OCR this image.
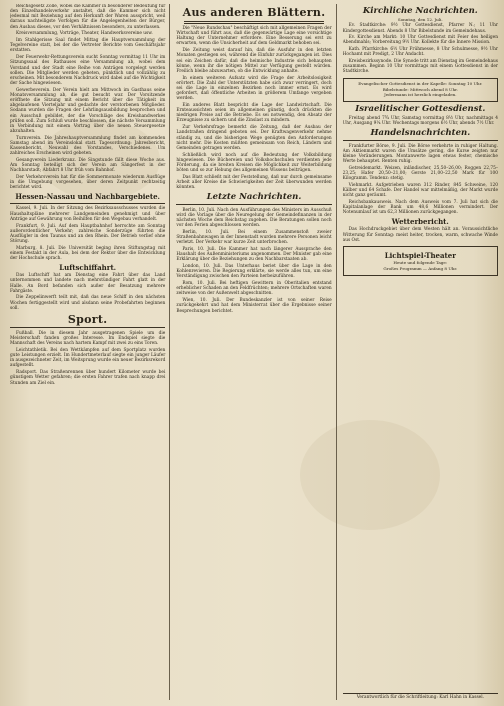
Reichsgesetz Zölle, wobei die Kammer in besonderer Bedeutung für den Einzelhandelsverkehr anstaltet, daß die Kammer sich nicht jedesmal mit Beziehung auf den Herkunft der Waren ausspricht, weil daraus nachteiligste Vorfolgen für die Angelegenheiten der Bürger, den Ausbau dieses, vor den Verhältnissen besonders, zu unterlassen.

Kreisversammlung, Vorträge, Theater, Handwerksvereine usw.

Im Stahlgerisse Saal findet Mittag die Hauptversammlung der Tegelvereine statt, bei der die Vertreter Berichte vom Geschäftsjahr erstatten.

Der Feuerwehr-Rettungsverein sucht Sonntag vormittag 11 Uhr im Sitzungssaal des Rathauses eine Versammlung ab, wobei dem Vorstand und der Stadt eine Reihe von Anträgen vorgelegt werden sollen. Die Mitglieder werden gebeten, pünktlich und vollzählig zu erscheinen. Mit besonderem Nachdruck wird dabei auf die Wichtigkeit der Sache hingewiesen.

Gewerbeverein. Der Verein hielt am Mittwoch im Gasthaus seine Monatsversammlung ab, die gut besucht war. Der Vorsitzende eröffnete die Sitzung mit einem Bericht über die Tätigkeit im abgelaufenen Vierteljahr und gedachte der verstorbenen Mitglieder. Sodann wurden die Fragen der Lehrlingsausbildung besprochen und ein Ausschuß gebildet, der die Vorschläge des Kreishandwerkes prüfen soll. Zum Schluß wurde beschlossen, die nächste Versammlung in Verbindung mit einem Vortrag über die neuen Steuergesetze abzuhalten.

Turnverein. Die Jahreshauptversammlung findet am kommenden Samstag abend im Vereinslokal statt. Tagesordnung: Jahresbericht, Kassenbericht, Neuwahl des Vorstandes, Verschiedenes. Um zahlreiches Erscheinen wird gebeten.

Gesangverein Liederkranz. Die Singstunde fällt diese Woche aus. Am Sonntag beteiligt sich der Verein am Sängerfest in der Nachbarstadt; Abfahrt 8 Uhr früh vom Bahnhof.

Der Verkehrsverein hat für die Sommermonate wiederum Ausflüge in die Umgebung vorgesehen, über deren Zeitpunkt rechtzeitig berichtet wird.

Hessen-Nassau und Nachbargebiete.

Kassel, 9. Juli. In der Sitzung des Bezirksausschusses wurden die Haushaltspläne mehrerer Landgemeinden genehmigt und über Anträge auf Gewährung von Beihilfen für den Wegebau verhandelt.

Frankfurt, 9. Juli. Auf dem Hauptbahnhof herrschte am Sonntag außerordentlicher Verkehr; zahlreiche Sonderzüge führten die Ausflügler in den Taunus und an den Rhein. Der Betrieb verlief ohne Störung.

Marburg, 8. Juli. Die Universität beging ihren Stiftungstag mit einem Festakt in der Aula, bei dem der Rektor über die Entwicklung der Hochschule sprach.

Luftschiffahrt.

Das Luftschiff hat am Dienstag eine Fahrt über das Land unternommen und landete nach mehrstündiger Fahrt glatt in der Halle. An Bord befanden sich außer der Besatzung mehrere Fahrgäste.

Die Zeppelinwerft teilt mit, daß das neue Schiff in den nächsten Wochen fertiggestellt wird und alsdann seine Probefahrten beginnen soll.

Sport.

Fußball. Die in diesem Jahr ausgetragenen Spiele um die Meisterschaft fanden großes Interesse. Im Endspiel siegte die Mannschaft des Vereins nach hartem Kampf mit zwei zu eins Toren.

Leichtathletik. Bei den Wettkämpfen auf dem Sportplatz wurden gute Leistungen erzielt. Im Hundertmeterlauf siegte ein junger Läufer in ausgezeichneter Zeit, im Weitsprung wurde ein neuer Bezirksrekord aufgestellt.

Radsport. Das Straßenrennen über hundert Kilometer wurde bei günstigem Wetter gefahren; die ersten Fahrer trafen nach knapp drei Stunden am Ziel ein.

Aus anderen Blättern.

Die "Neue Rundschau" beschäftigt sich mit allgemeinen Fragen der Wirtschaft und führt aus, daß die gegenwärtige Lage eine vorsichtige Haltung der Unternehmer erfordere. Eine Besserung sei erst zu erwarten, wenn die Unsicherheit auf dem Geldmarkt behoben sei.

Die Zeitung weist darauf hin, daß die Ausfuhr in den letzten Monaten gestiegen sei, während die Einfuhr zurückgegangen ist. Dies sei ein Zeichen dafür, daß die heimische Industrie sich behaupten könne, wenn ihr die nötigen Mittel zur Verfügung gestellt würden. Freilich bleibe abzuwarten, ob die Entwicklung anhalte.

In einem weiteren Aufsatz wird die Frage der Arbeitslosigkeit erörtert. Die Zahl der Unterstützten habe sich zwar verringert, doch sei die Lage in einzelnen Bezirken noch immer ernst. Es wird gefordert, daß öffentliche Arbeiten in größerem Umfange vergeben werden.

Ein anderes Blatt bespricht die Lage der Landwirtschaft. Die Ernteaussichten seien im allgemeinen günstig, doch drückten die niedrigen Preise auf die Betriebe. Es sei notwendig, den Absatz der Erzeugnisse zu sichern und die Zinslast zu mindern.

Zur Verkehrsfrage bemerkt die Zeitung, daß der Ausbau der Landstraßen dringend geboten sei. Der Kraftwagenverkehr nehme ständig zu, und die bisherigen Wege genügten den Anforderungen nicht mehr. Die Kosten müßten gemeinsam von Reich, Ländern und Gemeinden getragen werden.

Schließlich wird noch auf die Bedeutung der Volksbildung hingewiesen. Die Büchereien und Volkshochschulen verdienten jede Förderung, da sie breiten Kreisen die Möglichkeit zur Weiterbildung böten und so zur Hebung des allgemeinen Wissens beitrügen.

Das Blatt schließt mit der Feststellung, daß nur durch gemeinsame Arbeit aller Kreise die Schwierigkeiten der Zeit überwunden werden könnten.

Letzte Nachrichten.

Berlin, 10. Juli. Nach den Ausführungen des Ministers im Ausschuß wird die Vorlage über die Neuregelung der Gemeindefinanzen in der nächsten Woche dem Reichstag zugehen. Die Beratungen sollen noch vor den Ferien abgeschlossen werden.

Berlin, 10. Juli. Bei einem Zusammenstoß zweier Straßenbahnwagen in der Innenstadt wurden mehrere Personen leicht verletzt. Der Verkehr war kurze Zeit unterbrochen.

Paris, 10. Juli. Die Kammer hat nach längerer Aussprache den Haushalt des Außenministeriums angenommen. Der Minister gab eine Erklärung über die Beziehungen zu den Nachbarstaaten ab.

London, 10. Juli. Das Unterhaus beriet über die Lage in den Kohlenrevieren. Die Regierung erklärte, sie werde alles tun, um eine Verständigung zwischen den Parteien herbeizuführen.

Rom, 10. Juli. Bei heftigen Gewittern in Oberitalien entstand erheblicher Schaden an den Feldfrüchten; mehrere Ortschaften waren zeitweise von der Außenwelt abgeschnitten.

Wien, 10. Juli. Der Bundeskanzler ist von seiner Reise zurückgekehrt und hat dem Ministerrat über die Ergebnisse seiner Besprechungen berichtet.

Kirchliche Nachrichten.

Sonntag, den 12. Juli.

Ev. Stadtkirche: 9½ Uhr Gottesdienst, Pfarrer N.; 11 Uhr Kindergottesdienst. Abends 8 Uhr Bibelstunde im Gemeindehaus.

Ev. Kirche am Markt: 10 Uhr Gottesdienst mit Feier des heiligen Abendmahls; Vorbereitung 9½ Uhr. Kollekte für die Innere Mission.

Kath. Pfarrkirche: 6½ Uhr Frühmesse, 8 Uhr Schulmesse, 9½ Uhr Hochamt mit Predigt, 2 Uhr Andacht.

Kreisbezirkssynode. Die Synode tritt am Dienstag im Gemeindehaus zusammen. Beginn 10 Uhr vormittags mit einem Gottesdienst in der Stadtkirche.

Evangelischer Gottesdienst in der Kapelle: Sonntag 10 Uhr.

Bibelstunde: Mittwoch abend 8 Uhr.

Jedermann ist herzlich eingeladen.

Israelitischer Gottesdienst.

Freitag abend 7¾ Uhr, Samstag vormittag 8½ Uhr, nachmittags 4 Uhr, Ausgang 9¼ Uhr. Wochentags morgens 6½ Uhr, abends 7½ Uhr.

Handelsnachrichten.

Frankfurter Börse, 9. Juli. Die Börse verkehrte in ruhiger Haltung. Am Aktienmarkt waren die Umsätze gering, die Kurse zeigten nur kleine Veränderungen. Montanwerte lagen etwas fester, chemische Werte behauptet. Renten ruhig.

Getreidemarkt. Weizen, inländischer, 25,50–26,00; Roggen 22,75–23,25; Hafer 20,50–21,00; Gerste 21,00–22,50 Mark für 100 Kilogramm. Tendenz: stetig.

Viehmarkt. Aufgetrieben waren 312 Rinder, 845 Schweine, 120 Kälber und 64 Schafe. Der Handel war mittelmäßig, der Markt wurde nicht ganz geräumt.

Reichsbankausweis. Nach dem Ausweis vom 7. Juli hat sich die Kapitalanlage der Bank um 48,6 Millionen vermindert. Der Notenumlauf ist um 62,3 Millionen zurückgegangen.

Wetterbericht.

Das Hochdruckgebiet über dem Westen hält an. Voraussichtliche Witterung für Sonntag: meist heiter, trocken, warm, schwache Winde aus Ost.

Lichtspiel-Theater

Heute und folgende Tage:

Großes Programm — Anfang 8 Uhr.

Verantwortlich für die Schriftleitung: Karl Hahn in Kassel.
